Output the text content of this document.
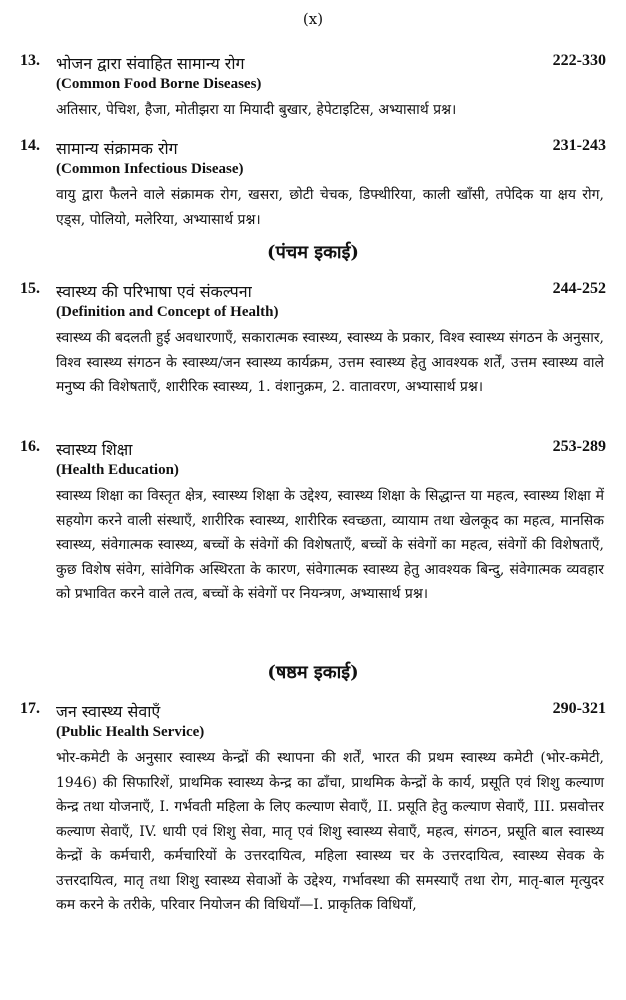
(x)
13. भोजन द्वारा संवाहित सामान्य रोग	222-330
(Common Food Borne Diseases)
अतिसार, पेचिश, हैजा, मोतीझरा या मियादी बुखार, हेपेटाइटिस, अभ्यासार्थ प्रश्न।
14. सामान्य संक्रामक रोग	231-243
(Common Infectious Disease)
वायु द्वारा फैलने वाले संक्रामक रोग, खसरा, छोटी चेचक, डिफ्थीरिया, काली खाँसी, तपेदिक या क्षय रोग, एड्स, पोलियो, मलेरिया, अभ्यासार्थ प्रश्न।
(पंचम इकाई)
15. स्वास्थ्य की परिभाषा एवं संकल्पना	244-252
(Definition and Concept of Health)
स्वास्थ्य की बदलती हुई अवधारणाएँ, सकारात्मक स्वास्थ्य, स्वास्थ्य के प्रकार, विश्व स्वास्थ्य संगठन के अनुसार, विश्व स्वास्थ्य संगठन के स्वास्थ्य/जन स्वास्थ्य कार्यक्रम, उत्तम स्वास्थ्य हेतु आवश्यक शर्तें, उत्तम स्वास्थ्य वाले मनुष्य की विशेषताएँ, शारीरिक स्वास्थ्य, 1. वंशानुक्रम, 2. वातावरण, अभ्यासार्थ प्रश्न।
16. स्वास्थ्य शिक्षा	253-289
(Health Education)
स्वास्थ्य शिक्षा का विस्तृत क्षेत्र, स्वास्थ्य शिक्षा के उद्देश्य, स्वास्थ्य शिक्षा के सिद्धान्त या महत्व, स्वास्थ्य शिक्षा में सहयोग करने वाली संस्थाएँ, शारीरिक स्वास्थ्य, शारीरिक स्वच्छता, व्यायाम तथा खेलकूद का महत्व, मानसिक स्वास्थ्य, संवेगात्मक स्वास्थ्य, बच्चों के संवेगों की विशेषताएँ, बच्चों के संवेगों का महत्व, संवेगों की विशेषताएँ, कुछ विशेष संवेग, सांवेगिक अस्थिरता के कारण, संवेगात्मक स्वास्थ्य हेतु आवश्यक बिन्दु, संवेगात्मक व्यवहार को प्रभावित करने वाले तत्व, बच्चों के संवेगों पर नियन्त्रण, अभ्यासार्थ प्रश्न।
(षष्ठम इकाई)
17. जन स्वास्थ्य सेवाएँ	290-321
(Public Health Service)
भोर-कमेटी के अनुसार स्वास्थ्य केन्द्रों की स्थापना की शर्तें, भारत की प्रथम स्वास्थ्य कमेटी (भोर-कमेटी, 1946) की सिफारिशें, प्राथमिक स्वास्थ्य केन्द्र का ढाँचा, प्राथमिक केन्द्रों के कार्य, प्रसूति एवं शिशु कल्याण केन्द्र तथा योजनाएँ, I. गर्भवती महिला के लिए कल्याण सेवाएँ, II. प्रसूति हेतु कल्याण सेवाएँ, III. प्रसवोत्तर कल्याण सेवाएँ, IV. धायी एवं शिशु सेवा, मातृ एवं शिशु स्वास्थ्य सेवाएँ, महत्व, संगठन, प्रसूति बाल स्वास्थ्य केन्द्रों के कर्मचारी, कर्मचारियों के उत्तरदायित्व, महिला स्वास्थ्य चर के उत्तरदायित्व, स्वास्थ्य सेवक के उत्तरदायित्व, मातृ तथा शिशु स्वास्थ्य सेवाओं के उद्देश्य, गर्भावस्था की समस्याएँ तथा रोग, मातृ-बाल मृत्युदर कम करने के तरीके, परिवार नियोजन की विधियाँ—I. प्राकृतिक विधियाँ,
